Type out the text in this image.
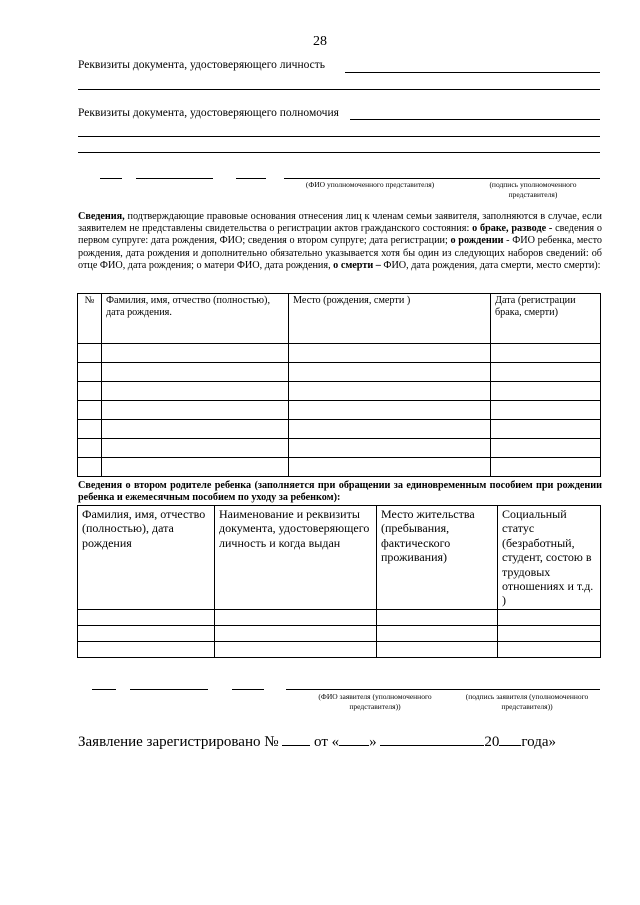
28
Реквизиты документа, удостоверяющего личность
Реквизиты документа, удостоверяющего полномочия
(ФИО уполномоченного представителя)	(подпись уполномоченного
представителя)
Сведения, подтверждающие правовые основания отнесения лиц к членам семьи заявителя, заполняются в случае, если заявителем не представлены свидетельства о регистрации актов гражданского состояния: о браке, разводе - сведения о первом супруге: дата рождения, ФИО; сведения о втором супруге; дата регистрации; о рождении - ФИО ребенка, место рождения, дата рождения и дополнительно обязательно указывается хотя бы один из следующих наборов сведений: об отце ФИО, дата рождения; о матери ФИО, дата рождения, о смерти – ФИО, дата рождения, дата смерти, место смерти):
№	Фамилия, имя, отчество (полностью), дата рождения.	Место (рождения, смерти )	Дата (регистрации брака, смерти)

Сведения о втором родителе ребенка (заполняется при обращении за единовременным пособием при рождении ребенка и ежемесячным пособием по уходу за ребенком):
Фамилия, имя, отчество (полностью), дата рождения	Наименование и реквизиты документа, удостоверяющего личность и когда выдан	Место жительства (пребывания, фактического проживания)	Социальный статус (безработный, студент, состою в трудовых отношениях и т.д. )

(ФИО заявителя (уполномоченного
представителя))
(подпись заявителя (уполномоченного
представителя))
Заявление зарегистрировано № от « »	20 года»
